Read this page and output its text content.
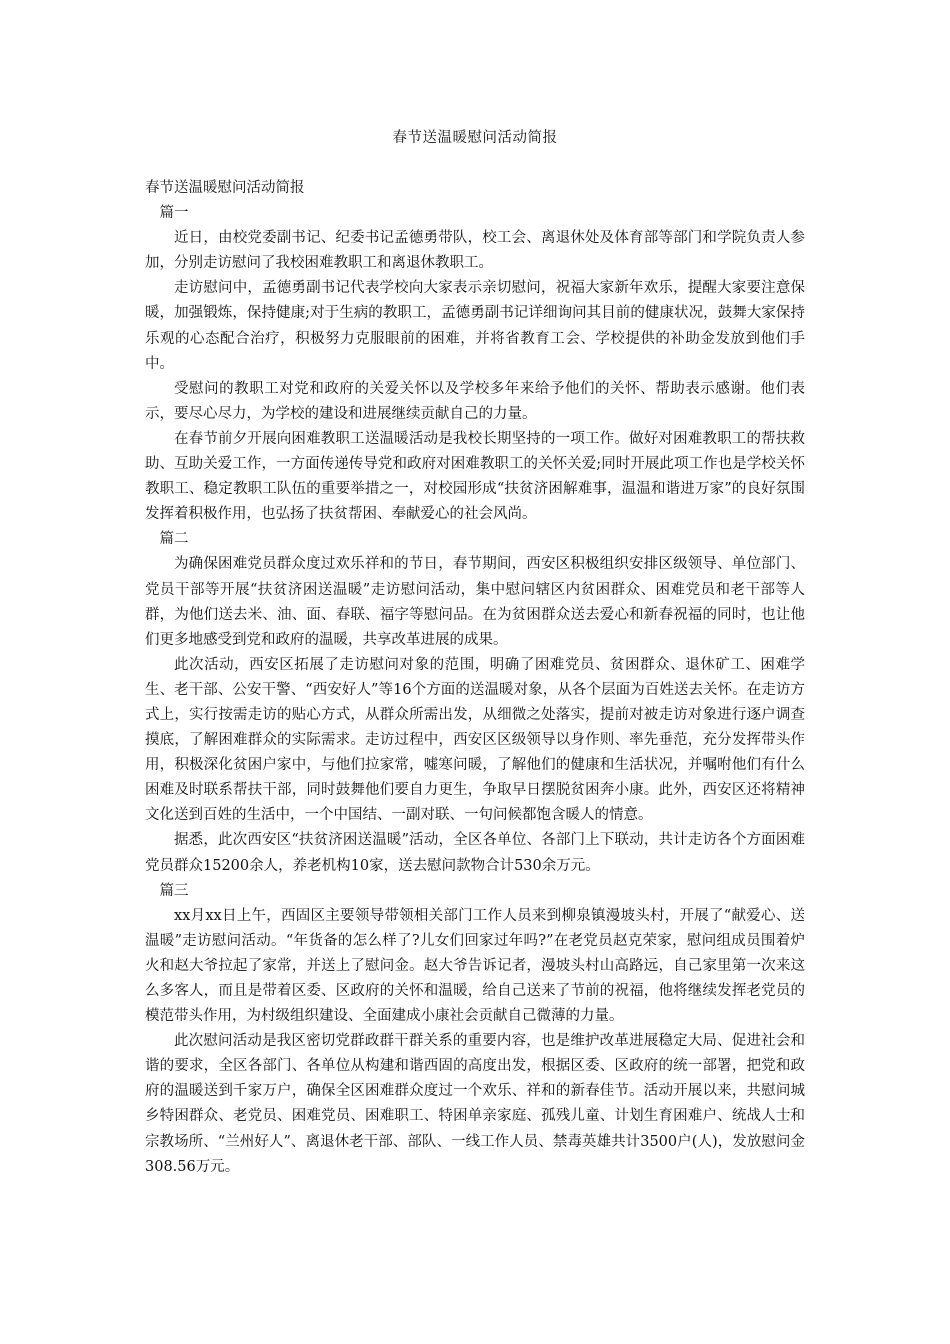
春节送温暖慰问活动简报

春节送温暖慰问活动简报

篇一

近日，由校党委副书记、纪委书记孟德勇带队，校工会、离退休处及体育部等部门和学院负责人参加，分别走访慰问了我校困难教职工和离退休教职工。

走访慰问中，孟德勇副书记代表学校向大家表示亲切慰问，祝福大家新年欢乐，提醒大家要注意保暖，加强锻炼，保持健康;对于生病的教职工，孟德勇副书记详细询问其目前的健康状况，鼓舞大家保持乐观的心态配合治疗，积极努力克服眼前的困难，并将省教育工会、学校提供的补助金发放到他们手中。

受慰问的教职工对党和政府的关爱关怀以及学校多年来给予他们的关怀、帮助表示感谢。他们表示，要尽心尽力，为学校的建设和进展继续贡献自己的力量。

在春节前夕开展向困难教职工送温暖活动是我校长期坚持的一项工作。做好对困难教职工的帮扶救助、互助关爱工作，一方面传递传导党和政府对困难教职工的关怀关爱;同时开展此项工作也是学校关怀教职工、稳定教职工队伍的重要举措之一，对校园形成“扶贫济困解难事，温温和谐进万家”的良好氛围发挥着积极作用，也弘扬了扶贫帮困、奉献爱心的社会风尚。

篇二

为确保困难党员群众度过欢乐祥和的节日，春节期间，西安区积极组织安排区级领导、单位部门、党员干部等开展“扶贫济困送温暖”走访慰问活动，集中慰问辖区内贫困群众、困难党员和老干部等人群，为他们送去米、油、面、春联、福字等慰问品。在为贫困群众送去爱心和新春祝福的同时，也让他们更多地感受到党和政府的温暖，共享改革进展的成果。

此次活动，西安区拓展了走访慰问对象的范围，明确了困难党员、贫困群众、退休矿工、困难学生、老干部、公安干警、“西安好人”等16个方面的送温暖对象，从各个层面为百姓送去关怀。在走访方式上，实行按需走访的贴心方式，从群众所需出发，从细微之处落实，提前对被走访对象进行逐户调查摸底，了解困难群众的实际需求。走访过程中，西安区区级领导以身作则、率先垂范，充分发挥带头作用，积极深化贫困户家中，与他们拉家常，嘘寒问暖，了解他们的健康和生活状况，并嘱咐他们有什么困难及时联系帮扶干部，同时鼓舞他们要自力更生，争取早日摆脱贫困奔小康。此外，西安区还将精神文化送到百姓的生活中，一个中国结、一副对联、一句问候都饱含暖人的情意。

据悉，此次西安区“扶贫济困送温暖”活动，全区各单位、各部门上下联动，共计走访各个方面困难党员群众15200余人，养老机构10家，送去慰问款物合计530余万元。

篇三

xx月xx日上午，西固区主要领导带领相关部门工作人员来到柳泉镇漫坡头村，开展了“献爱心、送温暖”走访慰问活动。“年货备的怎么样了?儿女们回家过年吗?”在老党员赵克荣家，慰问组成员围着炉火和赵大爷拉起了家常，并送上了慰问金。赵大爷告诉记者，漫坡头村山高路远，自己家里第一次来这么多客人，而且是带着区委、区政府的关怀和温暖，给自己送来了节前的祝福，他将继续发挥老党员的模范带头作用，为村级组织建设、全面建成小康社会贡献自己微薄的力量。

此次慰问活动是我区密切党群政群干群关系的重要内容，也是维护改革进展稳定大局、促进社会和谐的要求，全区各部门、各单位从构建和谐西固的高度出发，根据区委、区政府的统一部署，把党和政府的温暖送到千家万户，确保全区困难群众度过一个欢乐、祥和的新春佳节。活动开展以来，共慰问城乡特困群众、老党员、困难党员、困难职工、特困单亲家庭、孤残儿童、计划生育困难户、统战人士和宗教场所、“兰州好人”、离退休老干部、部队、一线工作人员、禁毒英雄共计3500户(人)，发放慰问金308.56万元。
